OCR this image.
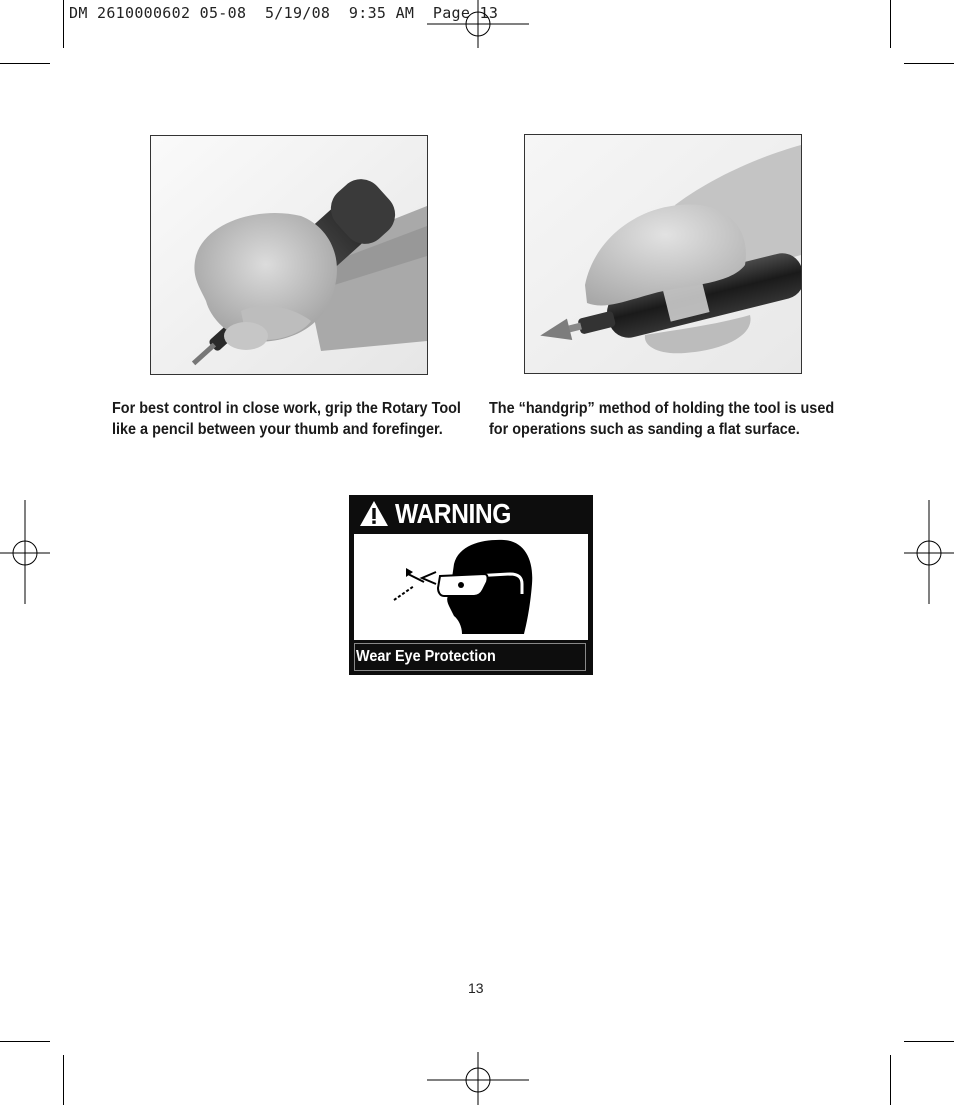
DM 2610000602 05-08  5/19/08  9:35 AM  Page 13
For best control in close work, grip the Rotary Tool
like a pencil between your thumb and forefinger.
The “handgrip” method of holding the tool is used
for operations such as sanding a flat surface.
WARNING
Wear Eye Protection
13
